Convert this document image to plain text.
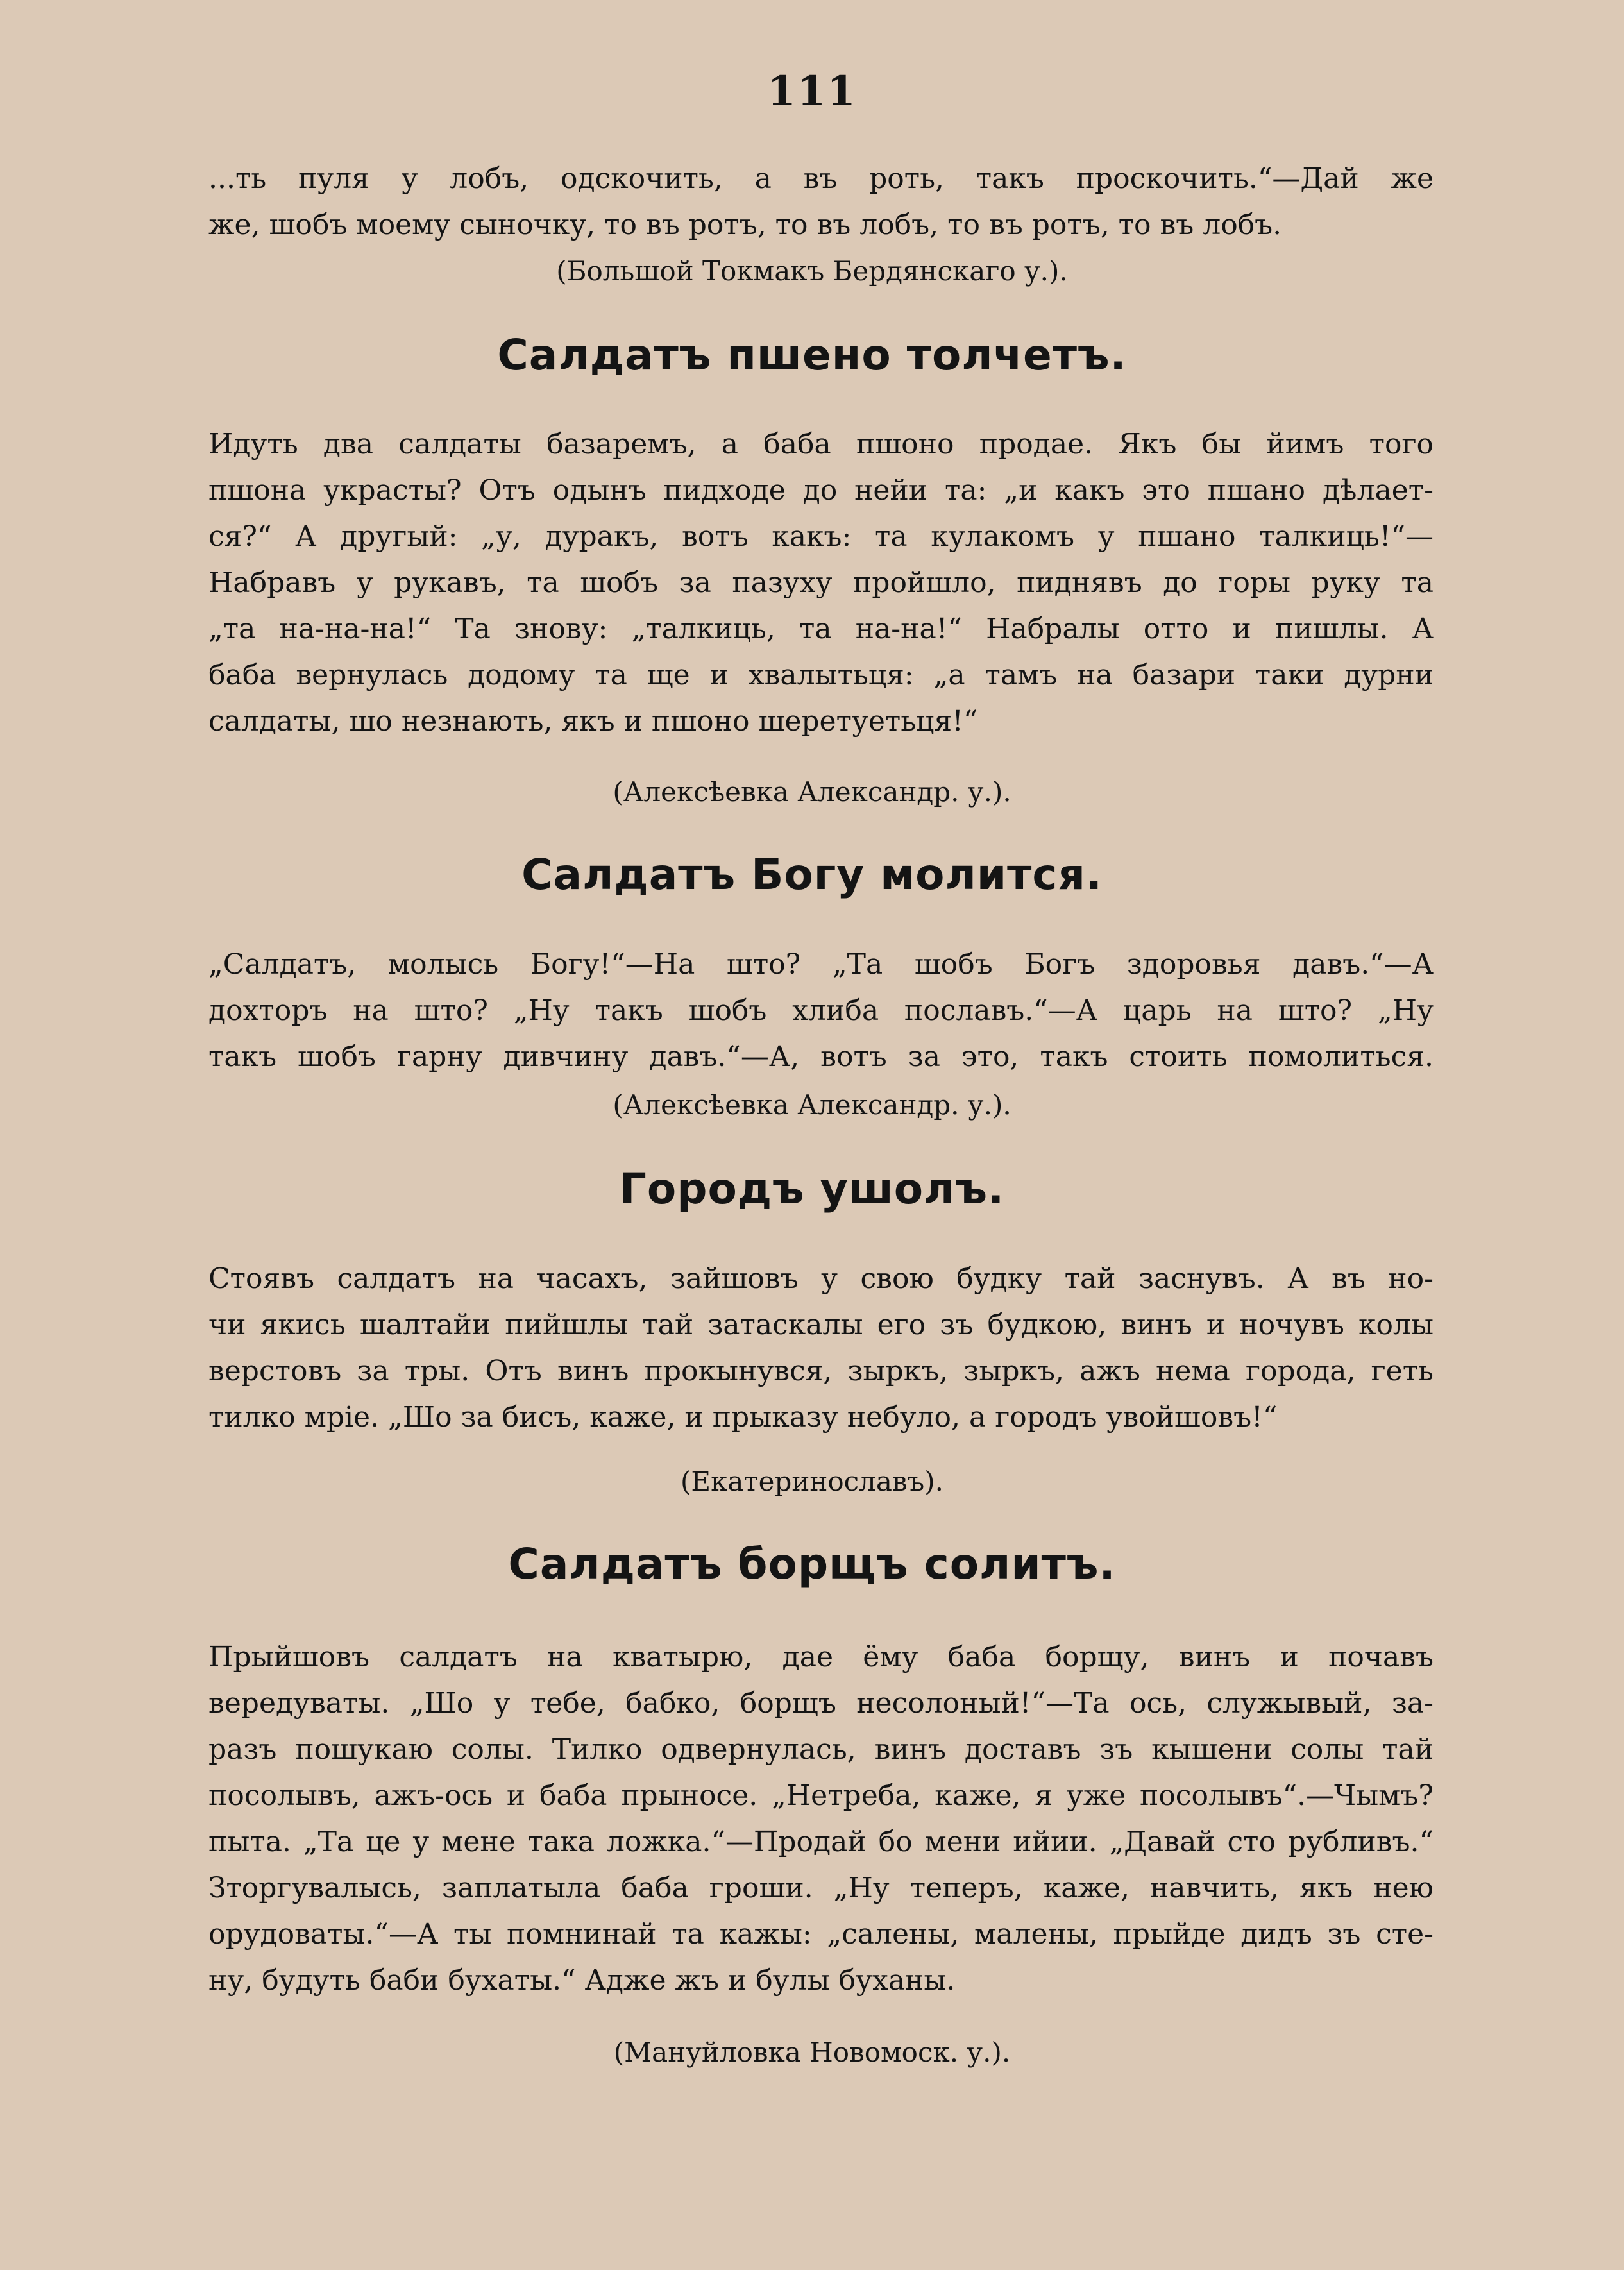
111
...ть пуля у лобъ, одскочить, а въ роть, такъ проскочить.“—Дай же
же, шобъ моему сыночку, то въ ротъ, то въ лобъ, то въ ротъ, то въ лобъ.
(Большой Токмакъ Бердянскаго у.).
Салдатъ пшено толчетъ.
Идуть два салдаты базаремъ, а баба пшоно продае. Якъ бы йимъ того
пшона украсты? Отъ одынъ пидходе до нейи та: „и какъ это пшано дѣлает-
ся?“ А другый: „у, дуракъ, вотъ какъ: та кулакомъ у пшано талкиць!“—
Набравъ у рукавъ, та шобъ за пазуху пройшло, пиднявъ до горы руку та
„та на-на-на!“ Та знову: „талкиць, та на-на!“ Набралы отто и пишлы. А
баба вернулась додому та ще и хвалытьця: „а тамъ на базари таки дурни
салдаты, шо незнають, якъ и пшоно шеретуетьця!“
(Алексѣевка Александр. у.).
Салдатъ Богу молится.
„Салдатъ, молысь Богу!“—На што? „Та шобъ Богъ здоровья давъ.“—А
дохторъ на што? „Ну такъ шобъ хлиба пославъ.“—А царь на што? „Ну
такъ шобъ гарну дивчину давъ.“—А, вотъ за это, такъ стоить помолиться.
(Алексѣевка Александр. у.).
Городъ ушолъ.
Стоявъ салдатъ на часахъ, зайшовъ у свою будку тай заснувъ. А въ но-
чи якись шалтайи пийшлы тай затаскалы его зъ будкою, винъ и ночувъ колы
верстовъ за тры. Отъ винъ прокынувся, зыркъ, зыркъ, ажъ нема города, геть
тилко мріе. „Шо за бисъ, каже, и прыказу небуло, а городъ увойшовъ!“
(Екатеринославъ).
Салдатъ борщъ солитъ.
Прыйшовъ салдатъ на кватырю, дае ёму баба борщу, винъ и почавъ
вередуваты. „Шо у тебе, бабко, борщъ несолоный!“—Та ось, служывый, за-
разъ пошукаю солы. Тилко одвернулась, винъ доставъ зъ кышени солы тай
посолывъ, ажъ-ось и баба прыносе. „Нетреба, каже, я уже посолывъ“.—Чымъ?
пыта. „Та це у мене така ложка.“—Продай бо мени ийии. „Давай сто рубливъ.“
Зторгувалысь, заплатыла баба гроши. „Ну теперъ, каже, навчить, якъ нею
орудоваты.“—А ты помнинай та кажы: „салены, малены, прыйде дидъ зъ сте-
ну, будуть баби бухаты.“ Адже жъ и булы буханы.
(Мануйловка Новомоск. у.).
